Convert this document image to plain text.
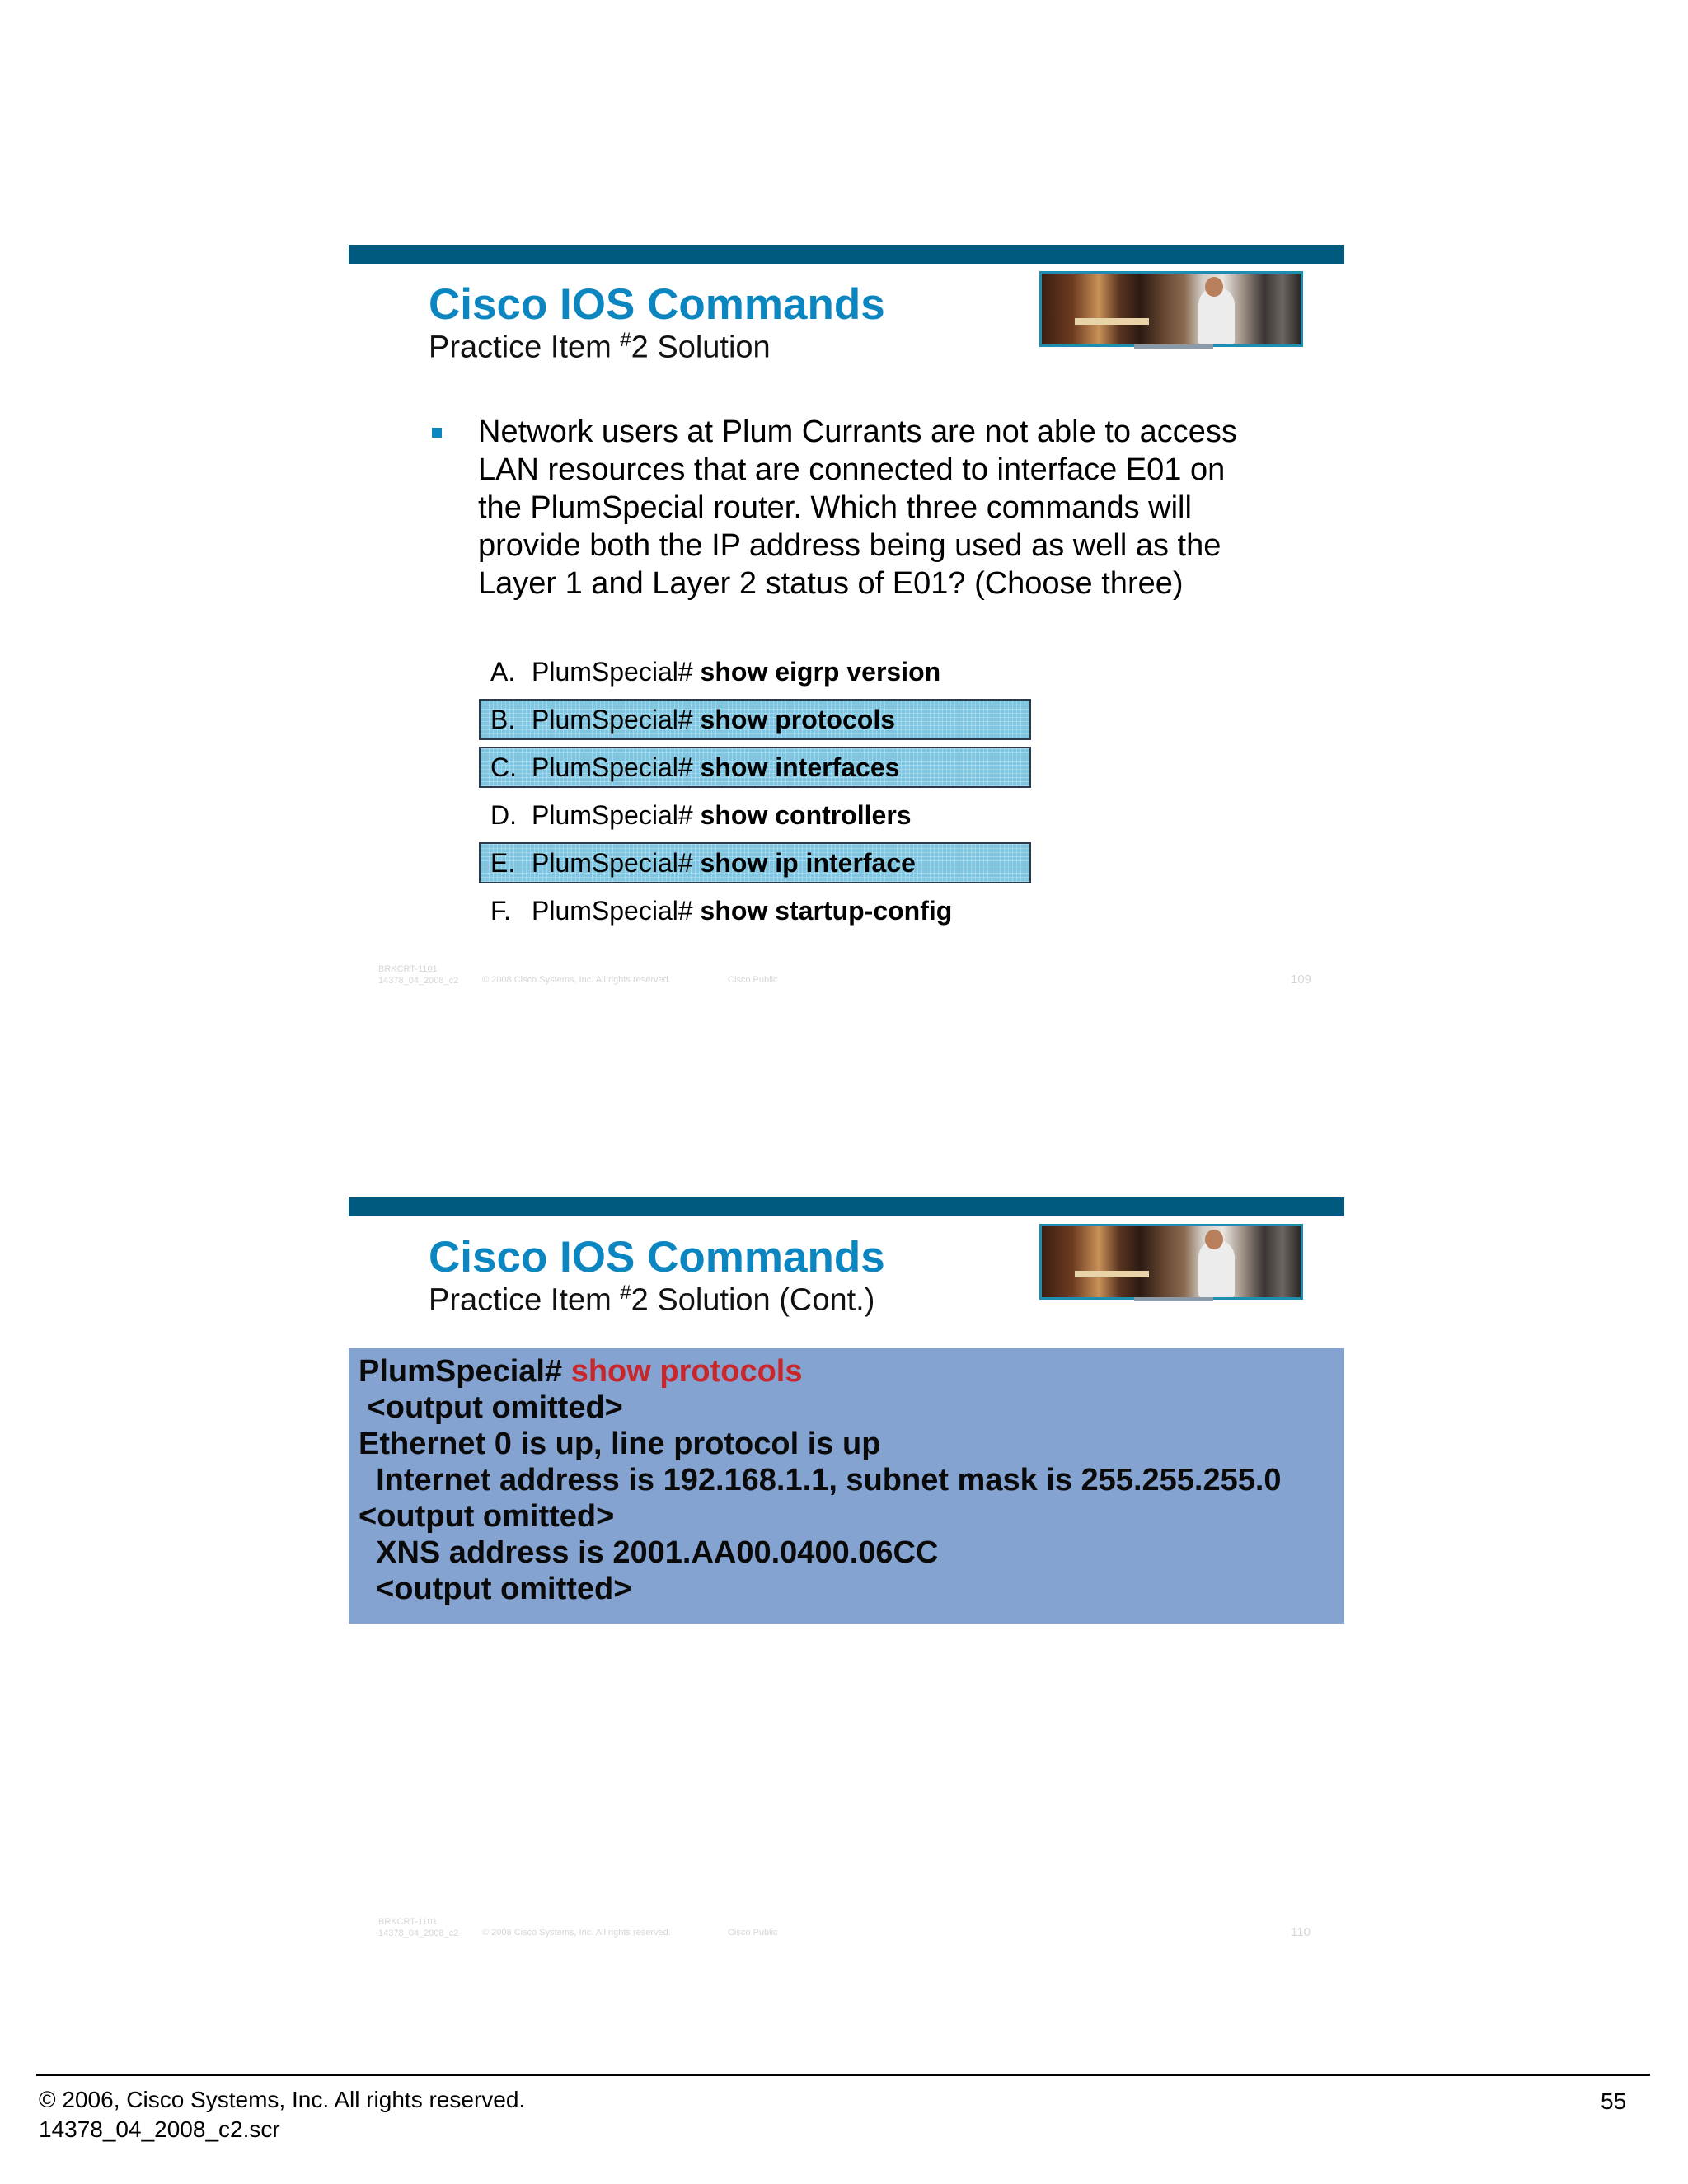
Cisco IOS Commands
Practice Item #2 Solution

Network users at Plum Currants are not able to access LAN resources that are connected to interface E01 on the PlumSpecial router. Which three commands will provide both the IP address being used as well as the Layer 1 and Layer 2 status of E01? (Choose three)

A. PlumSpecial# show eigrp version
B. PlumSpecial# show protocols
C. PlumSpecial# show interfaces
D. PlumSpecial# show controllers
E. PlumSpecial# show ip interface
F. PlumSpecial# show startup-config
BRKCRT-1101
14378_04_2008_c2	© 2008 Cisco Systems, Inc. All rights reserved.	Cisco Public	109
Cisco IOS Commands
Practice Item #2 Solution (Cont.)
PlumSpecial# show protocols
<output omitted>
Ethernet 0 is up, line protocol is up
Internet address is 192.168.1.1, subnet mask is 255.255.255.0
<output omitted>
XNS address is 2001.AA00.0400.06CC
<output omitted>
BRKCRT-1101
14378_04_2008_c2	© 2008 Cisco Systems, Inc. All rights reserved.	Cisco Public	110
© 2006, Cisco Systems, Inc. All rights reserved.
14378_04_2008_c2.scr
55
